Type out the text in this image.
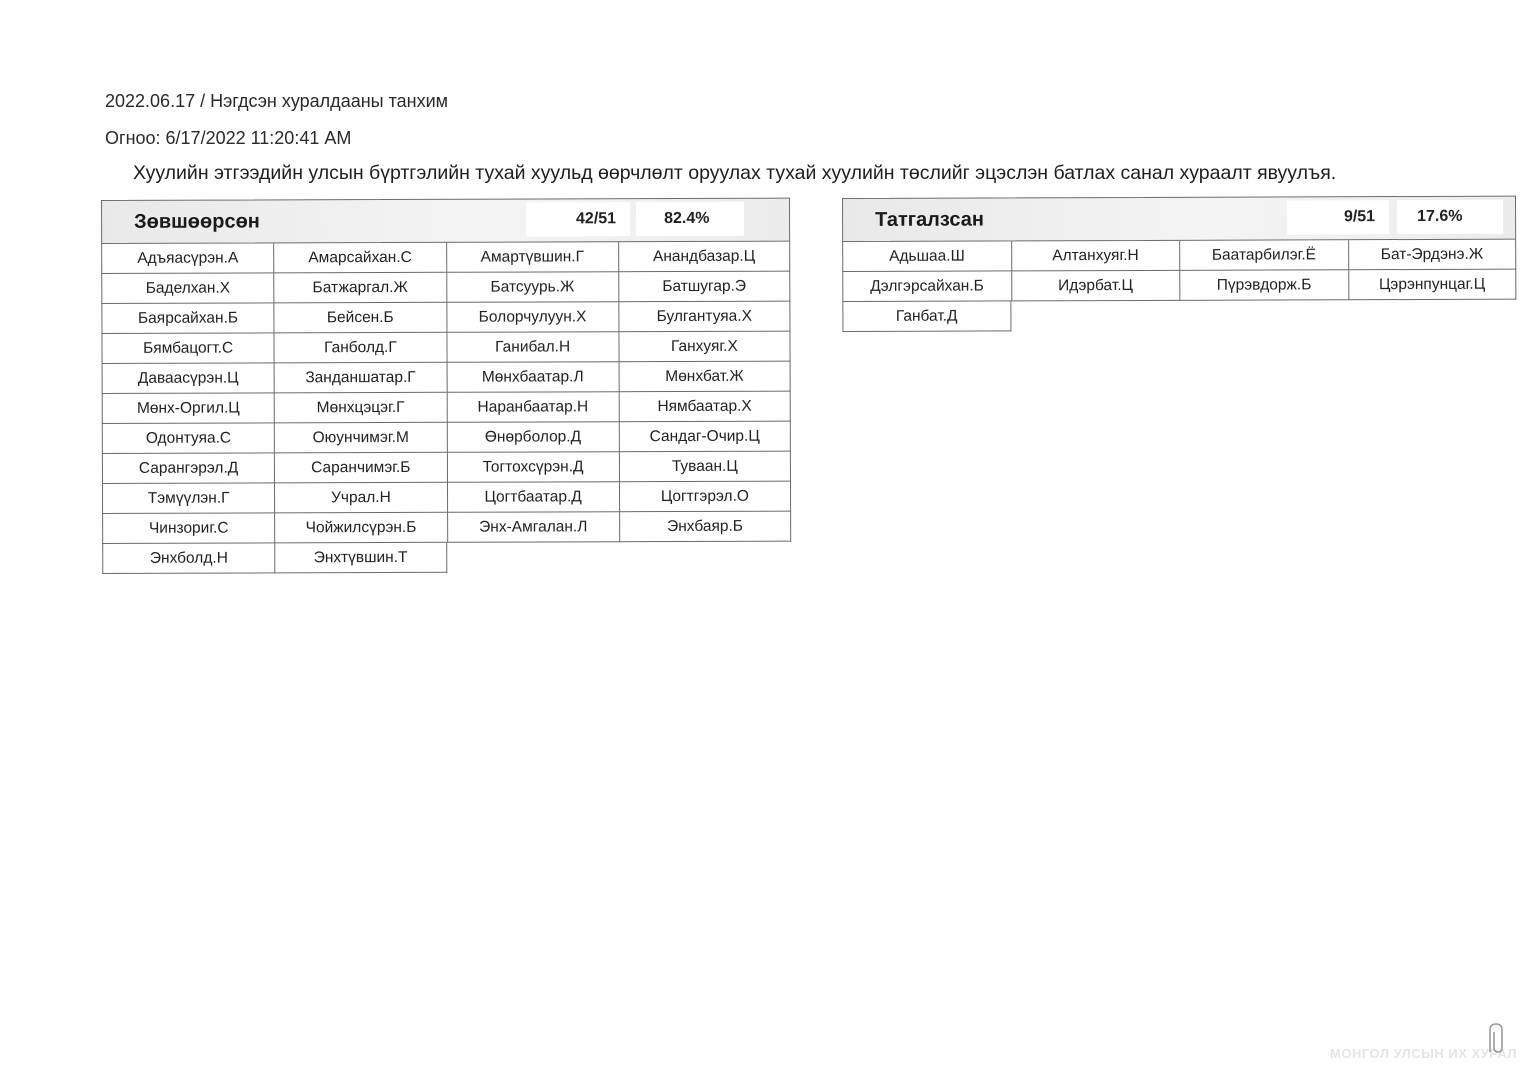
2022.06.17 / Нэгдсэн хуралдааны танхим
Огноо: 6/17/2022 11:20:41 AM
Хуулийн этгээдийн улсын бүртгэлийн тухай хуульд өөрчлөлт оруулах тухай хуулийн төслийг эцэслэн батлах санал хураалт явуулъя.
Зөвшөөрсөн	42/51	82.4%
Адъяасүрэн.А	Амарсайхан.С	Амартүвшин.Г	Анандбазар.Ц
Баделхан.Х	Батжаргал.Ж	Батсуурь.Ж	Батшугар.Э
Баярсайхан.Б	Бейсен.Б	Болорчулуун.Х	Булгантуяа.Х
Бямбацогт.С	Ганболд.Г	Ганибал.Н	Ганхуяг.Х
Даваасүрэн.Ц	Занданшатар.Г	Мөнхбаатар.Л	Мөнхбат.Ж
Мөнх-Оргил.Ц	Мөнхцэцэг.Г	Наранбаатар.Н	Нямбаатар.Х
Одонтуяа.С	Оюунчимэг.М	Өнөрболор.Д	Сандаг-Очир.Ц
Сарангэрэл.Д	Саранчимэг.Б	Тогтохсүрэн.Д	Туваан.Ц
Тэмүүлэн.Г	Учрал.Н	Цогтбаатар.Д	Цогтгэрэл.О
Чинзориг.С	Чойжилсүрэн.Б	Энх-Амгалан.Л	Энхбаяр.Б
Энхболд.Н	Энхтүвшин.Т
Татгалзсан	9/51	17.6%
Адьшаа.Ш	Алтанхуяг.Н	Баатарбилэг.Ё	Бат-Эрдэнэ.Ж
Дэлгэрсайхан.Б	Идэрбат.Ц	Пүрэвдорж.Б	Цэрэнпунцаг.Ц
Ганбат.Д
МОНГОЛ УЛСЫН ИХ ХУРАЛ
